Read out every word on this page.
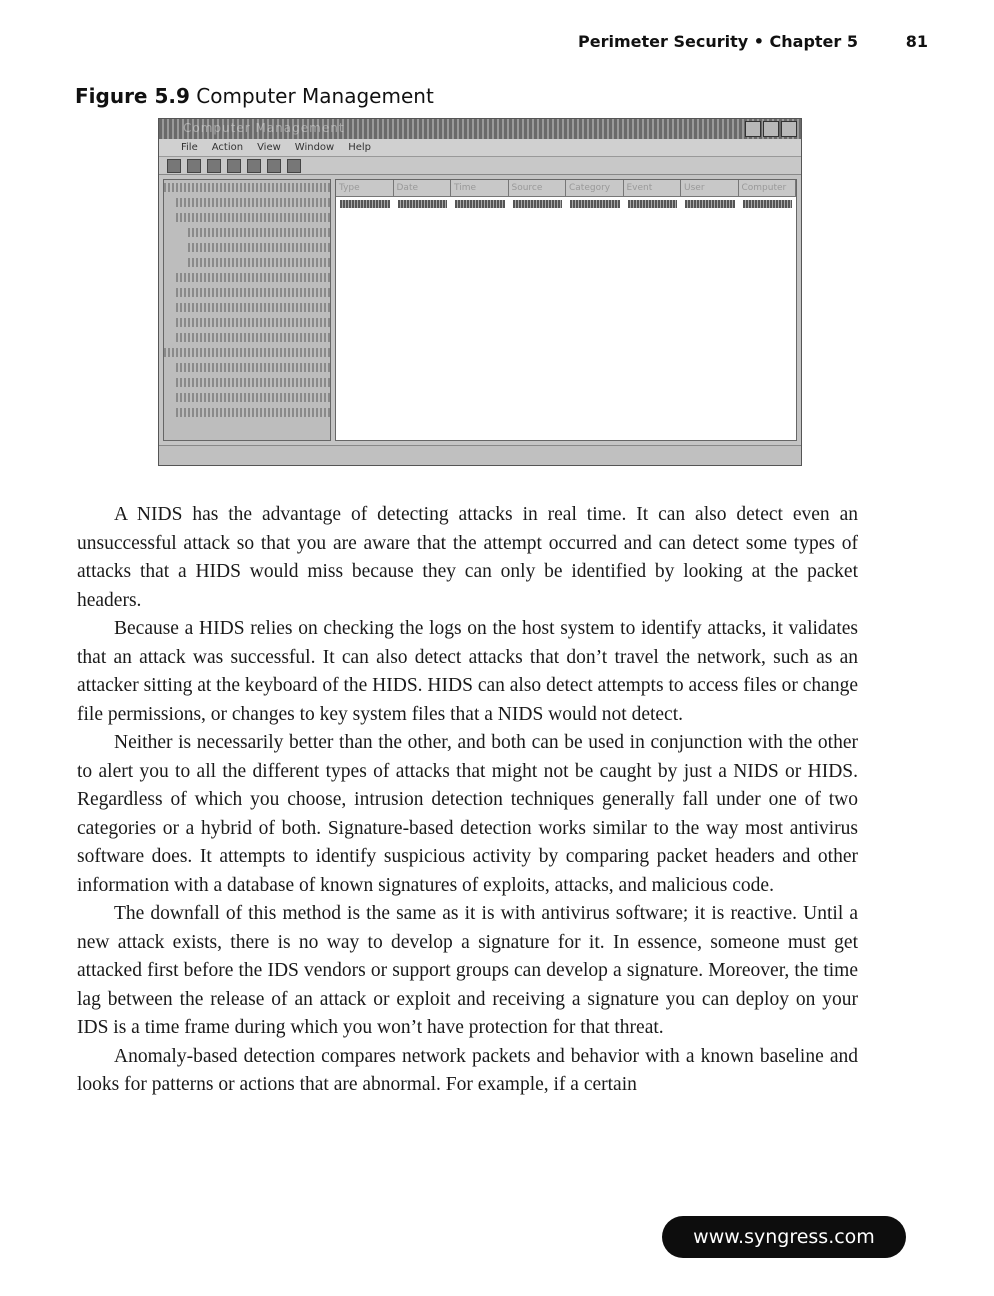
Perimeter Security • Chapter 5	81
Figure 5.9 Computer Management
Computer Management
File Action View Window Help
Type	Date	Time	Source	Category	Event	User	Computer

A NIDS has the advantage of detecting attacks in real time. It can also detect even an unsuccessful attack so that you are aware that the attempt occurred and can detect some types of attacks that a HIDS would miss because they can only be identified by looking at the packet headers.

Because a HIDS relies on checking the logs on the host system to identify attacks, it validates that an attack was successful. It can also detect attacks that don’t travel the network, such as an attacker sitting at the keyboard of the HIDS. HIDS can also detect attempts to access files or change file permissions, or changes to key system files that a NIDS would not detect.

Neither is necessarily better than the other, and both can be used in conjunction with the other to alert you to all the different types of attacks that might not be caught by just a NIDS or HIDS. Regardless of which you choose, intrusion detection techniques generally fall under one of two categories or a hybrid of both. Signature-based detection works similar to the way most antivirus software does. It attempts to identify suspicious activity by comparing packet headers and other information with a database of known signatures of exploits, attacks, and malicious code.

The downfall of this method is the same as it is with antivirus software; it is reactive. Until a new attack exists, there is no way to develop a signature for it. In essence, someone must get attacked first before the IDS vendors or support groups can develop a signature. Moreover, the time lag between the release of an attack or exploit and receiving a signature you can deploy on your IDS is a time frame during which you won’t have protection for that threat.

Anomaly-based detection compares network packets and behavior with a known baseline and looks for patterns or actions that are abnormal. For example, if a certain

www.syngress.com
